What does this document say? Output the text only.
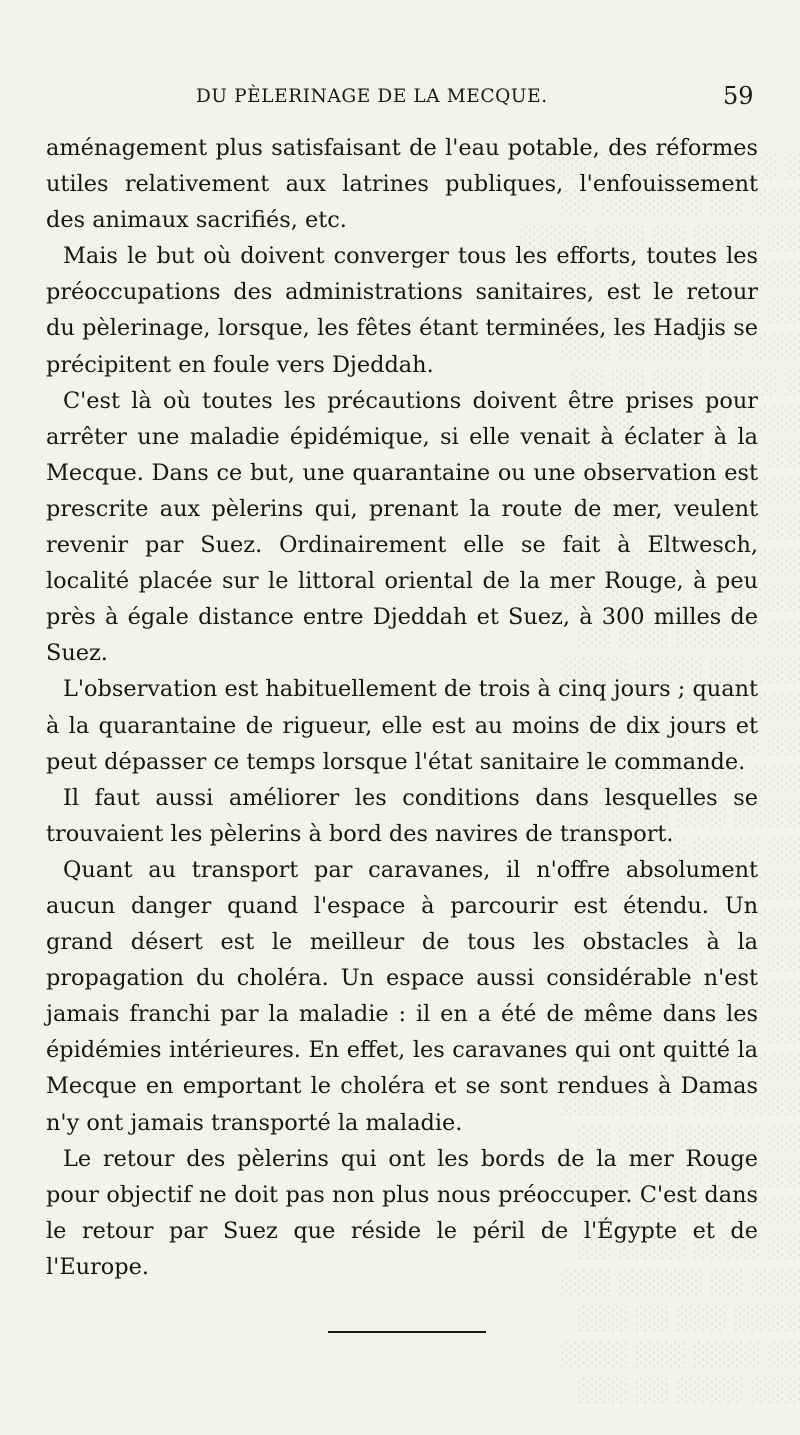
░ ░░░ ░░ ░░░░░ ░░░
░░░ ░░ ░░░░░░ ░░
░░ ░░░░ ░░ ░░░ ░░░░
░░░░ ░░ ░░░░ ░░░
░░ ░░░░░ ░░ ░░░░
░░░ ░░ ░░░░░ ░░░
░ ░░░░ ░░░ ░░ ░░
░░░░ ░░ ░░░░░ ░░
░░ ░░░ ░░░░ ░░░░
░░░░░ ░░ ░░░ ░░
░░ ░░░░ ░░░ ░░░░
░░░ ░░░░░ ░░ ░░░
░░░░ ░░ ░░░ ░░░░
░░ ░░░░░ ░░░ ░░
░░░ ░░ ░░░░ ░░░░
░░░░ ░░░ ░░ ░░░
░░ ░░░░ ░░░░ ░░
░░░ ░░ ░░░░░ ░░░
░░░░ ░░░ ░░ ░░░
░░ ░░░░ ░░░ ░░░░
░░░ ░░░░ ░░ ░░░
░░░░ ░░ ░░░░ ░░░
░░ ░░░ ░░░░ ░░░░
░░░░░ ░░ ░░░ ░░
░░ ░░░░ ░░░ ░░░░
░░░ ░░░░░ ░░ ░░░
░░░░ ░░ ░░░ ░░░░
░░ ░░░░░ ░░░ ░░
░░░ ░░ ░░░░ ░░░░
░░░░ ░░░ ░░ ░░░
░░ ░░░░ ░░░░ ░░
░░░ ░░ ░░░░░ ░░░
░░░░ ░░░ ░░ ░░░
░░ ░░░░ ░░░ ░░░░
░░░ ░░░░ ░░ ░░░
DU PÈLERINAGE DE LA MECQUE.	59

aménagement plus satisfaisant de l'eau potable, des réformes utiles relativement aux latrines publiques, l'enfouissement des animaux sacrifiés, etc.

Mais le but où doivent converger tous les efforts, toutes les préoccupations des administrations sanitaires, est le retour du pèlerinage, lorsque, les fêtes étant terminées, les Hadjis se précipitent en foule vers Djeddah.

C'est là où toutes les précautions doivent être prises pour arrêter une maladie épidémique, si elle venait à éclater à la Mecque. Dans ce but, une quarantaine ou une observation est prescrite aux pèlerins qui, prenant la route de mer, veulent revenir par Suez. Ordinairement elle se fait à Eltwesch, localité placée sur le littoral oriental de la mer Rouge, à peu près à égale distance entre Djeddah et Suez, à 300 milles de Suez.

L'observation est habituellement de trois à cinq jours ; quant à la quarantaine de rigueur, elle est au moins de dix jours et peut dépasser ce temps lorsque l'état sanitaire le commande.

Il faut aussi améliorer les conditions dans lesquelles se trouvaient les pèlerins à bord des navires de transport.

Quant au transport par caravanes, il n'offre absolument aucun danger quand l'espace à parcourir est étendu. Un grand désert est le meilleur de tous les obstacles à la propagation du choléra. Un espace aussi considérable n'est jamais franchi par la maladie : il en a été de même dans les épidémies intérieures. En effet, les caravanes qui ont quitté la Mecque en emportant le choléra et se sont rendues à Damas n'y ont jamais transporté la maladie.

Le retour des pèlerins qui ont les bords de la mer Rouge pour objectif ne doit pas non plus nous préoccuper. C'est dans le retour par Suez que réside le péril de l'Égypte et de l'Europe.
